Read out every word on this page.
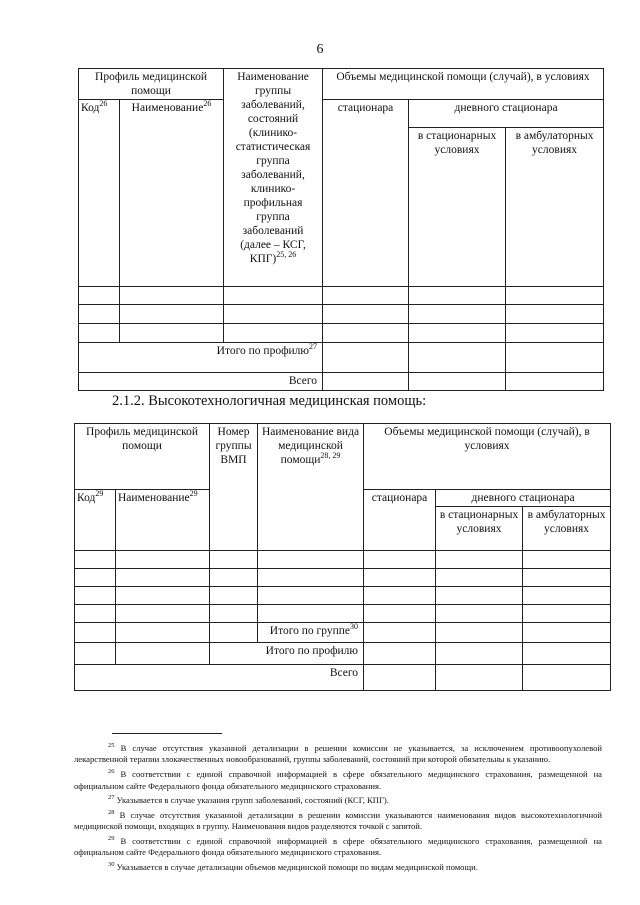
6
Профиль медицинской помощи		Наименование группы заболеваний, состояний (клинико-статистическая группа заболеваний, клинико-профильная группа заболеваний (далее – КСГ, КПГ)$^{25, 26}$	Объемы медицинской помощи (случай), в условиях		
Код$^{26}$	Наименование$^{26}$		стационара	дневного стационара	
				в стационарных условиях	в амбулаторных условиях

Итого по профилю$^{27}$			
Всего					
2.1.2. Высокотехнологичная медицинская помощь:
Профиль медицинской помощи		Номер группы ВМП	Наименование вида медицинской помощи$^{28, 29}$	Объемы медицинской помощи (случай), в условиях		
Код$^{29}$	Наименование$^{29}$			стационара	дневного стационара	
					в стационарных условиях	в амбулаторных условиях

			Итого по группе$^{30}$			
		Итого по профилю				
Всего						

$^{25}$ В случае отсутствия указанной детализации в решении комиссии не указывается, за исключением противоопухолевой лекарственной терапии злокачественных новообразований, группы заболеваний, состояний при которой обязательны к указанию.

$^{26}$ В соответствии с единой справочной информацией в сфере обязательного медицинского страхования, размещенной на официальном сайте Федерального фонда обязательного медицинского страхования.

$^{27}$ Указывается в случае указания групп заболеваний, состояний (КСГ, КПГ).

$^{28}$ В случае отсутствия указанной детализации в решении комиссии указываются наименования видов высокотехнологичной медицинской помощи, входящих в группу. Наименования видов разделяются точкой с запятой.

$^{29}$ В соответствии с единой справочной информацией в сфере обязательного медицинского страхования, размещенной на официальном сайте Федерального фонда обязательного медицинского страхования.

$^{30}$ Указывается в случае детализации объемов медицинской помощи по видам медицинской помощи.
